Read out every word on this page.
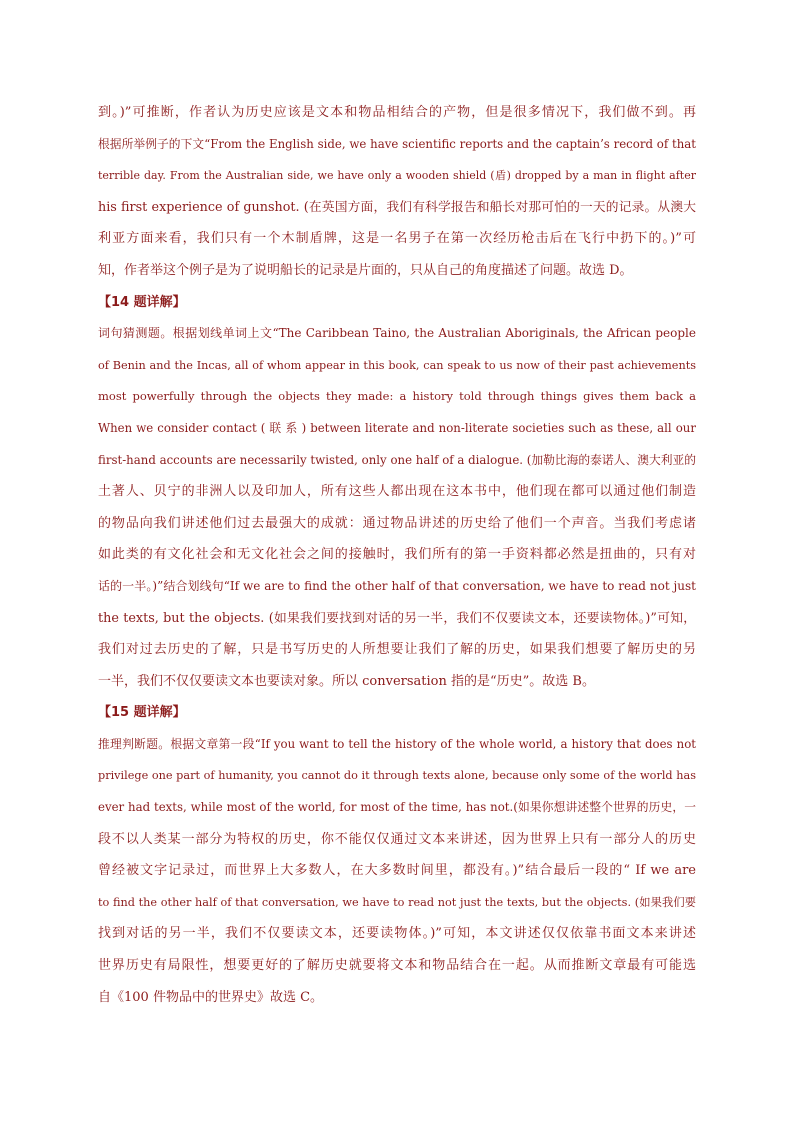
到。)”可推断，作者认为历史应该是文本和物品相结合的产物，但是很多情况下，我们做不到。再
根据所举例子的下文“From the English side, we have scientific reports and the captain’s record of that
terrible day. From the Australian side, we have only a wooden shield (盾) dropped by a man in flight after
his first experience of gunshot. (在英国方面，我们有科学报告和船长对那可怕的一天的记录。从澳大
利亚方面来看，我们只有一个木制盾牌，这是一名男子在第一次经历枪击后在飞行中扔下的。)”可
知，作者举这个例子是为了说明船长的记录是片面的，只从自己的角度描述了问题。故选 D。
【14 题详解】
词句猜测题。根据划线单词上文“The Caribbean Taino, the Australian Aboriginals, the African people
of Benin and the Incas, all of whom appear in this book, can speak to us now of their past achievements
most powerfully through the objects they made: a history told through things gives them back a
When we consider contact ( 联 系 ) between literate and non-literate societies such as these, all our
first-hand accounts are necessarily twisted, only one half of a dialogue. (加勒比海的泰诺人、澳大利亚的
土著人、贝宁的非洲人以及印加人，所有这些人都出现在这本书中，他们现在都可以通过他们制造
的物品向我们讲述他们过去最强大的成就：通过物品讲述的历史给了他们一个声音。当我们考虑诸
如此类的有文化社会和无文化社会之间的接触时，我们所有的第一手资料都必然是扭曲的，只有对
话的一半。)”结合划线句“If we are to find the other half of that conversation, we have to read not just
the texts, but the objects. (如果我们要找到对话的另一半，我们不仅要读文本，还要读物体。)”可知，
我们对过去历史的了解，只是书写历史的人所想要让我们了解的历史，如果我们想要了解历史的另
一半，我们不仅仅要读文本也要读对象。所以 conversation 指的是“历史”。故选 B。
【15 题详解】
推理判断题。根据文章第一段“If you want to tell the history of the whole world, a history that does not
privilege one part of humanity, you cannot do it through texts alone, because only some of the world has
ever had texts, while most of the world, for most of the time, has not.(如果你想讲述整个世界的历史，一
段不以人类某一部分为特权的历史，你不能仅仅通过文本来讲述，因为世界上只有一部分人的历史
曾经被文字记录过，而世界上大多数人，在大多数时间里，都没有。)”结合最后一段的“ If we are
to find the other half of that conversation, we have to read not just the texts, but the objects. (如果我们要
找到对话的另一半，我们不仅要读文本，还要读物体。)”可知，本文讲述仅仅依靠书面文本来讲述
世界历史有局限性，想要更好的了解历史就要将文本和物品结合在一起。从而推断文章最有可能选
自《100 件物品中的世界史》故选 C。
